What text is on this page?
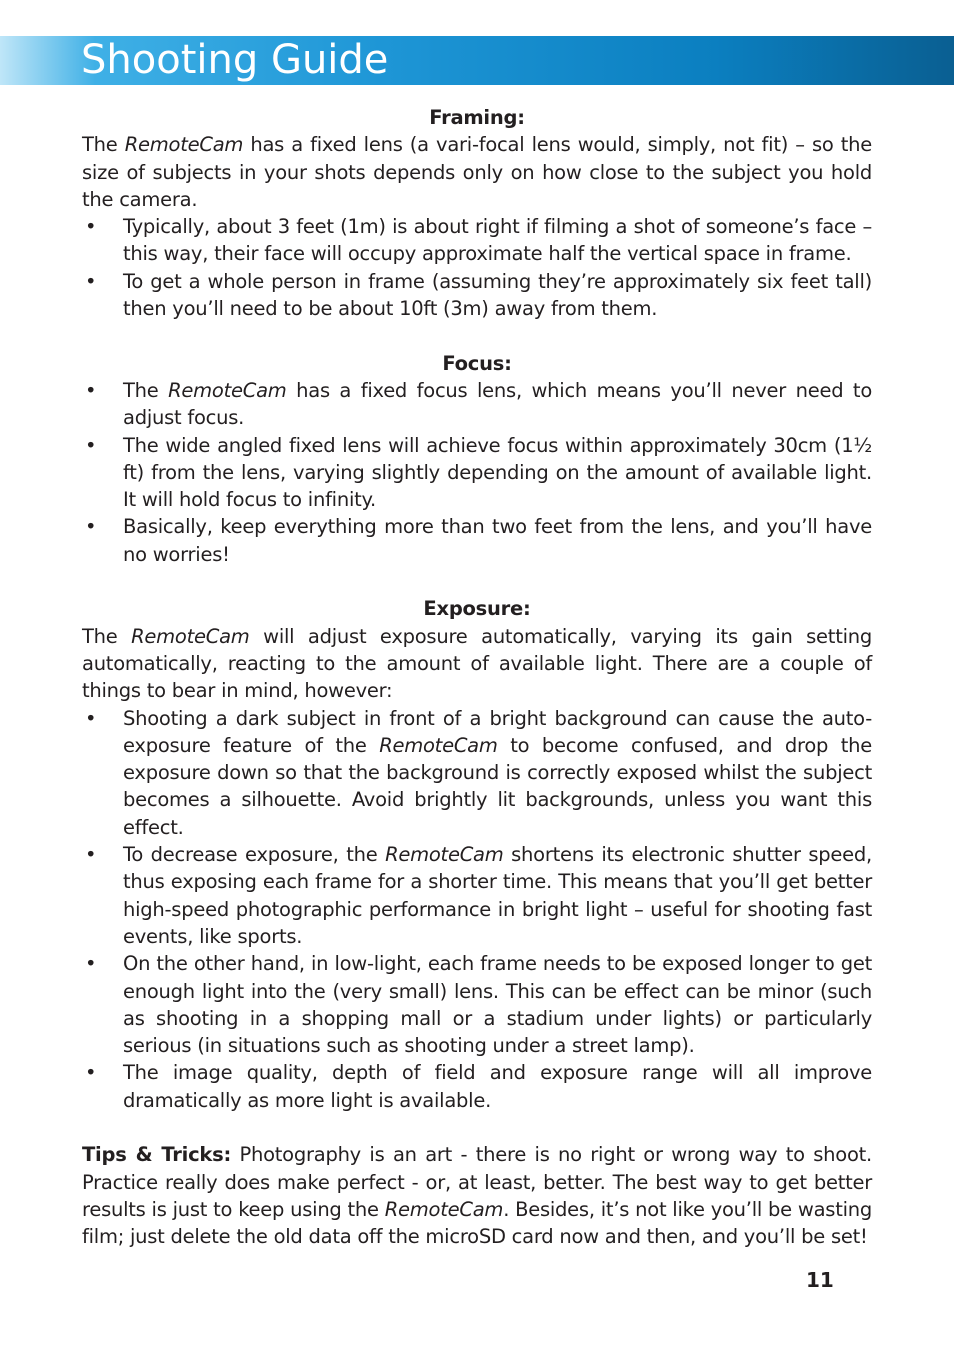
Shooting Guide

Framing:

The RemoteCam has a fixed lens (a vari-focal lens would, simply, not fit) – so the size of subjects in your shots depends only on how close to the subject you hold the camera.

• Typically, about 3 feet (1m) is about right if filming a shot of someone’s face – this way, their face will occupy approximate half the vertical space in frame.
• To get a whole person in frame (assuming they’re approximately six feet tall) then you’ll need to be about 10ft (3m) away from them.

Focus:

• The RemoteCam has a fixed focus lens, which means you’ll never need to adjust focus.
• The wide angled fixed lens will achieve focus within approximately 30cm (1½ ft) from the lens, varying slightly depending on the amount of available light. It will hold focus to infinity.
• Basically, keep everything more than two feet from the lens, and you’ll have no worries!

Exposure:

The RemoteCam will adjust exposure automatically, varying its gain setting automatically, reacting to the amount of available light. There are a couple of things to bear in mind, however:

• Shooting a dark subject in front of a bright background can cause the auto-exposure feature of the RemoteCam to become confused, and drop the exposure down so that the background is correctly exposed whilst the subject becomes a silhouette. Avoid brightly lit backgrounds, unless you want this effect.
• To decrease exposure, the RemoteCam shortens its electronic shutter speed, thus exposing each frame for a shorter time. This means that you’ll get better high-speed photographic performance in bright light – useful for shooting fast events, like sports.
• On the other hand, in low-light, each frame needs to be exposed longer to get enough light into the (very small) lens. This can be effect can be minor (such as shooting in a shopping mall or a stadium under lights) or particularly serious (in situations such as shooting under a street lamp).
• The image quality, depth of field and exposure range will all improve dramatically as more light is available.

Tips & Tricks: Photography is an art - there is no right or wrong way to shoot. Practice really does make perfect - or, at least, better. The best way to get better results is just to keep using the RemoteCam. Besides, it’s not like you’ll be wasting film; just delete the old data off the microSD card now and then, and you’ll be set!

11
